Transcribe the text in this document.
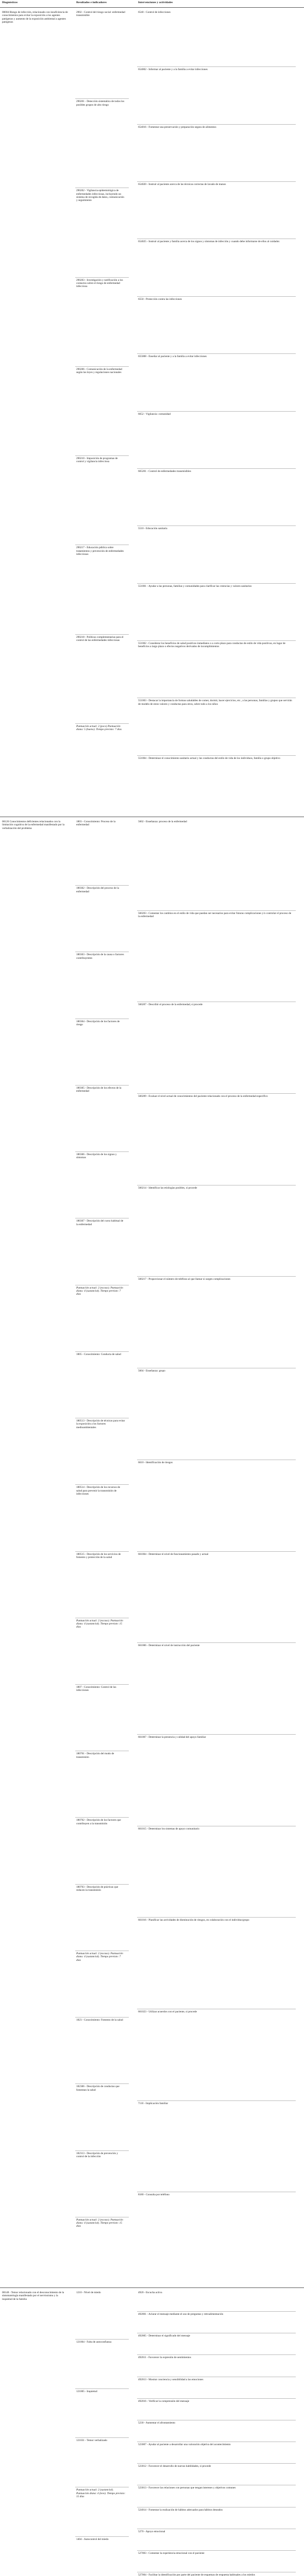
Diagnósticos	Resultados e indicadores	Intervenciones y actividades
00004 Riesgo de infección, relacionado con insuficiencia de conocimientos para evitar la exposición a los agentes patógenos y aumento de la exposición ambiental a agentes patógenos
2902 - Control del riesgo social: enfermedad transmisible
290201 - Detección sistemática de todos los posibles grupos de alto riesgo
290202 - Vigilancia epidemiológica de enfermedades infecciosas, incluyendo un sistema de recogida de datos, comunicación y seguimiento
290203 - Investigación y notificación a los contactos sobre el riesgo de enfermedad infecciosa
290206 - Comunicación de la enfermedad según las leyes y regulaciones nacionales
290210 - Imposición de programas de control y vigilancia infecciosa
290217 - Educación pública sobre tratamientos y prevención de enfermedades infecciosas
290218 - Políticas complementarias para el control de las enfermedades infecciosas
Puntuación actual: 2 (poco) Puntuación diana: 5 (bueno). Tiempo previsto: 7 días
6540 - Control de infecciones
654002 - Informar al paciente y a la familia a evitar infecciones
654016 - Fomentar una preservación y preparación segura de alimentos
654020 - Instruir al paciente acerca de las técnicas correctas de lavado de manos
654025 - Instruir al paciente y familia acerca de los signos y síntomas de infección y cuando debe informarse de ellos al cuidador.
6550 - Protección contra las infecciones
655008 - Enseñar al paciente y a la familia a evitar infecciones
6652 - Vigilancia: comunidad
665201 - Control de enfermedades transmisibles
5510 - Educación sanitaria
551001 - Ayudar a las personas, familias y comunidades para clarificar las creencias y valores sanitarios
551002 - Considerar los beneficios de salud positivos inmediatos o a corto plazo para conductas de estilo de vida positivas, en lugar de beneficios a largo plazo o efectos negativos derivados de incumplimientos
551003 - Destacar la importancia de formas saludables de comer, dormir, hacer ejercicios, etc., a las personas, familias y grupos que servirán de modelo de estos valores y conductas para otros, sobre todo a los niños
551004 - Determinar el conocimiento sanitario actual y las conductas del estilo de vida de los individuos, familia o grupo objetivo
00126 Conocimientos deficientes relacionados con la limitación cognitiva de la enfermedad manifestado por la verbalización del problema
1803 - Conocimiento: Proceso de la enfermedad
180302 - Descripción del proceso de la enfermedad
180303 - Descripción de la causa o factores contribuyentes
180304 - Descripción de los factores de riesgo
180305 - Descripción de los efectos de la enfermedad
180306 - Descripción de los signos y síntomas
180307 - Descripción del curso habitual de la enfermedad
Puntuación actual: 2 (escaso). Puntuación diana: 4 (sustancial). Tiempo previsto: 7 días
1805 - Conocimiento: Conducta de salud
180513 - Descripción de técnicas para evitar la exposición a los factores medioambientales
180514 - Descripción de los recursos de salud para prevenir la transmisión de infecciones
180515 - Descripción de los servicios de fomento y protección de la salud
Puntuación actual: 2 (escaso). Puntuación diana: 4 (sustancial). Tiempo previsto: 15 días
1807 - Conocimiento: Control de las infecciones
180701 - Descripción del modo de transmisión
180702 - Descripción de los factores que contribuyen a la transmisión
180703 - Descripción de prácticas que reducen la transmisión
Puntuación actual: 2 (escaso). Puntuación diana: 4 (sustancial). Tiempo previsto: 7 días
1823 - Conocimiento: Fomento de la salud
182306 - Descripción de conductas que fomentan la salud
182313 - Descripción de prevención y control de la infección
Puntuación actual: 2 (escaso). Puntuación diana: 4 (sustancial). Tiempo previsto: 15 días
5602 - Enseñanza: proceso de la enfermedad
560203 - Comentar los cambios en el estilo de vida que puedan ser necesarios para evitar futuras complicaciones y/o controlar el proceso de la enfermedad
560207 - Describir el proceso de la enfermedad, si procede
560209 - Evaluar el nivel actual de conocimientos del paciente relacionado con el proceso de la enfermedad específico
560214 - Identificar las etiologías posibles, si procede
560217 - Proporcionar el número de teléfono al que llamar si surgen complicaciones
5604 - Enseñanza: grupo
6610 - Identificación de riesgos
661004 - Determinar el nivel de funcionamiento pasado y actual
661006 - Determinar el nivel de instrucción del paciente
661007 - Determinar la presencia y calidad del apoyo familiar
661015 - Determinar los sistemas de apoyo comunitario
661016 - Planificar las actividades de disminución de riesgos, en colaboración con el individuo/grupo
661023 - Utilizar acuerdos con el paciente, si procede
7110 - Implicación familiar
8180 - Consulta por teléfono
00148 - Temor relacionado con el desconocimiento de la sintomatología manifestado por el nerviosismo y la inquietud de la familia
1210 - Nivel de miedo
121004 - Falta de autoconfianza
121005 - Inquietud
121031 - Temor verbalizado
Puntuación actual: 2 (sustancial). Puntuación diana: 4 (leve). Tiempo previsto: 15 días
1404 - Autocontrol del miedo
4920 - Escucha activa
492001 - Aclarar el mensaje mediante el uso de preguntas y retroalimentación
492005 - Determinar el significado del mensaje
492011 - Favorecer la expresión de sentimientos
492013 - Mostrar conciencia y sensibilidad a las emociones
492016 - Verificar la comprensión del mensaje
5230 - Aumentar el afrontamiento
523007 - Ayudar al paciente a desarrollar una valoración objetiva del acontecimiento
523012 - Favorecer el desarrollo de nuevas habilidades, si procede
523013 - Favorecer las relaciones con personas que tengan intereses y objetivos comunes
524014 - Fomentar la realización de hábitos adecuados para hábitos deseados
5270 - Apoyo emocional
527003 - Comentar la experiencia emocional con el paciente
527004 - Facilitar la identificación por parte del paciente de esquemas de respuesta habituales a los miedos
